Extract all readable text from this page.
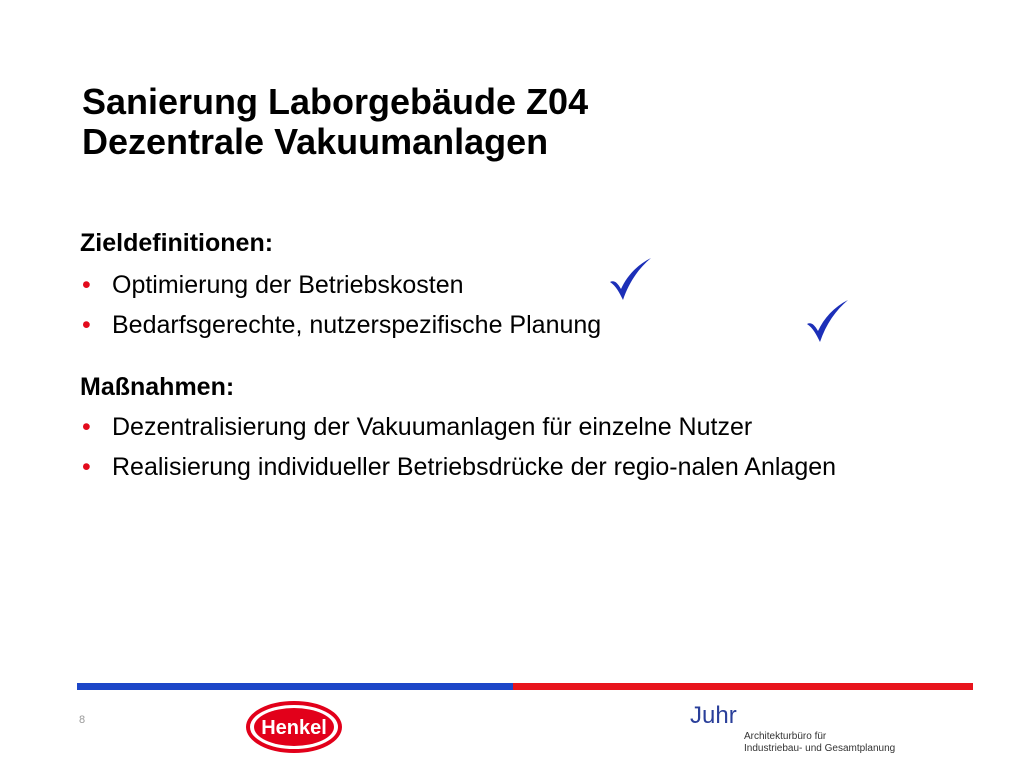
Sanierung Laborgebäude Z04
Dezentrale Vakuumanlagen
Zieldefinitionen:
• Optimierung der Betriebskosten
• Bedarfsgerechte, nutzerspezifische Planung
Maßnahmen:
• Dezentralisierung der Vakuumanlagen für einzelne Nutzer
• Realisierung individueller Betriebsdrücke der regio-nalen Anlagen
8	Henkel	Juhr
Architekturbüro für
Industriebau- und Gesamtplanung
